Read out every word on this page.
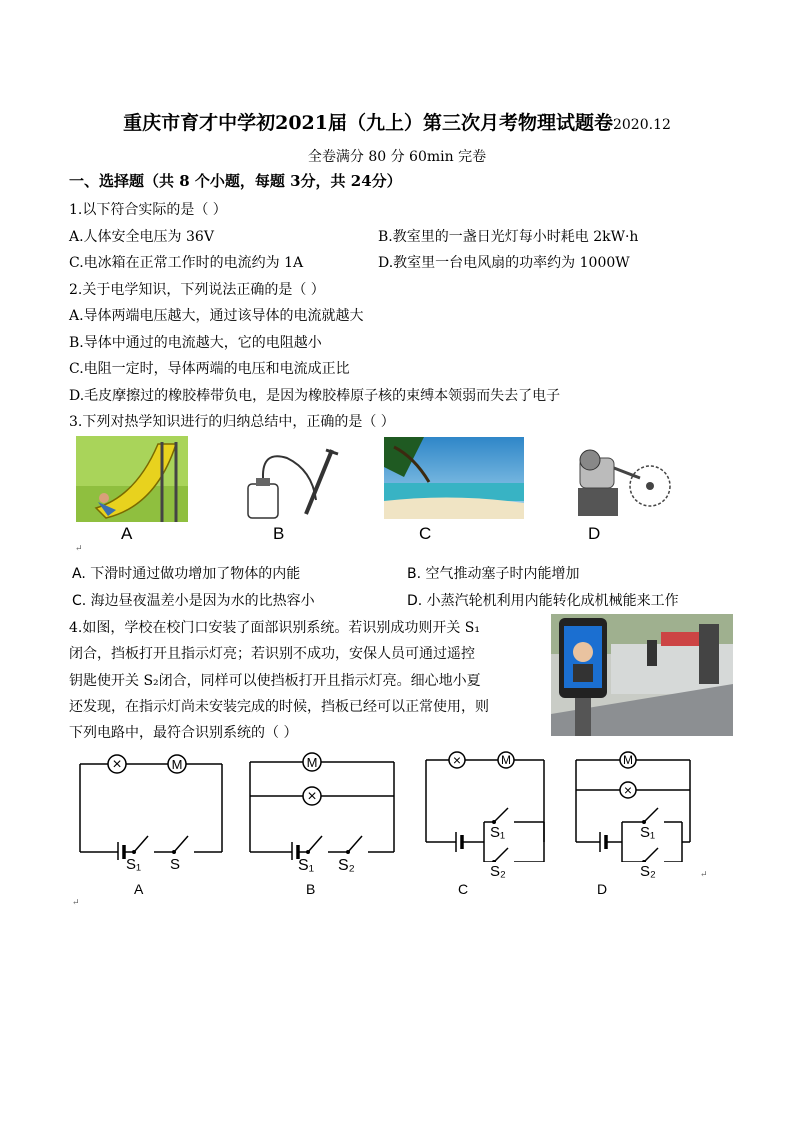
重庆市育才中学初2021届（九上）第三次月考物理试题卷2020.12
全卷满分 80 分 60min 完卷
一、选择题（共 8 个小题，每题 3分，共 24分）
1.以下符合实际的是（ ）
A.人体安全电压为 36V	B.教室里的一盏日光灯每小时耗电 2kW·h
C.电冰箱在正常工作时的电流约为 1A	D.教室里一台电风扇的功率约为 1000W
2.关于电学知识，下列说法正确的是（ ）
A.导体两端电压越大，通过该导体的电流就越大
B.导体中通过的电流越大，它的电阻越小
C.电阻一定时，导体两端的电压和电流成正比
D.毛皮摩擦过的橡胶棒带负电，是因为橡胶棒原子核的束缚本领弱而失去了电子
3.下列对热学知识进行的归纳总结中，正确的是（ ）
A	B	C	D
↵
A. 下滑时通过做功增加了物体的内能	B. 空气推动塞子时内能增加
C. 海边昼夜温差小是因为水的比热容小	D. 小蒸汽轮机利用内能转化成机械能来工作
4.如图，学校在校门口安装了面部识别系统。若识别成功则开关 S₁
闭合，挡板打开且指示灯亮；若识别不成功，安保人员可通过遥控
钥匙使开关 S₂闭合，同样可以使挡板打开且指示灯亮。细心地小夏
还发现，在指示灯尚未安装完成的时候，挡板已经可以正常使用，则
下列电路中，最符合识别系统的（ ）
×	M
S₁ S
M
×
S₁ S₂
×	M
S₁
S₂
M
×
S₁
S₂
A	B	C	D
↵
↵
